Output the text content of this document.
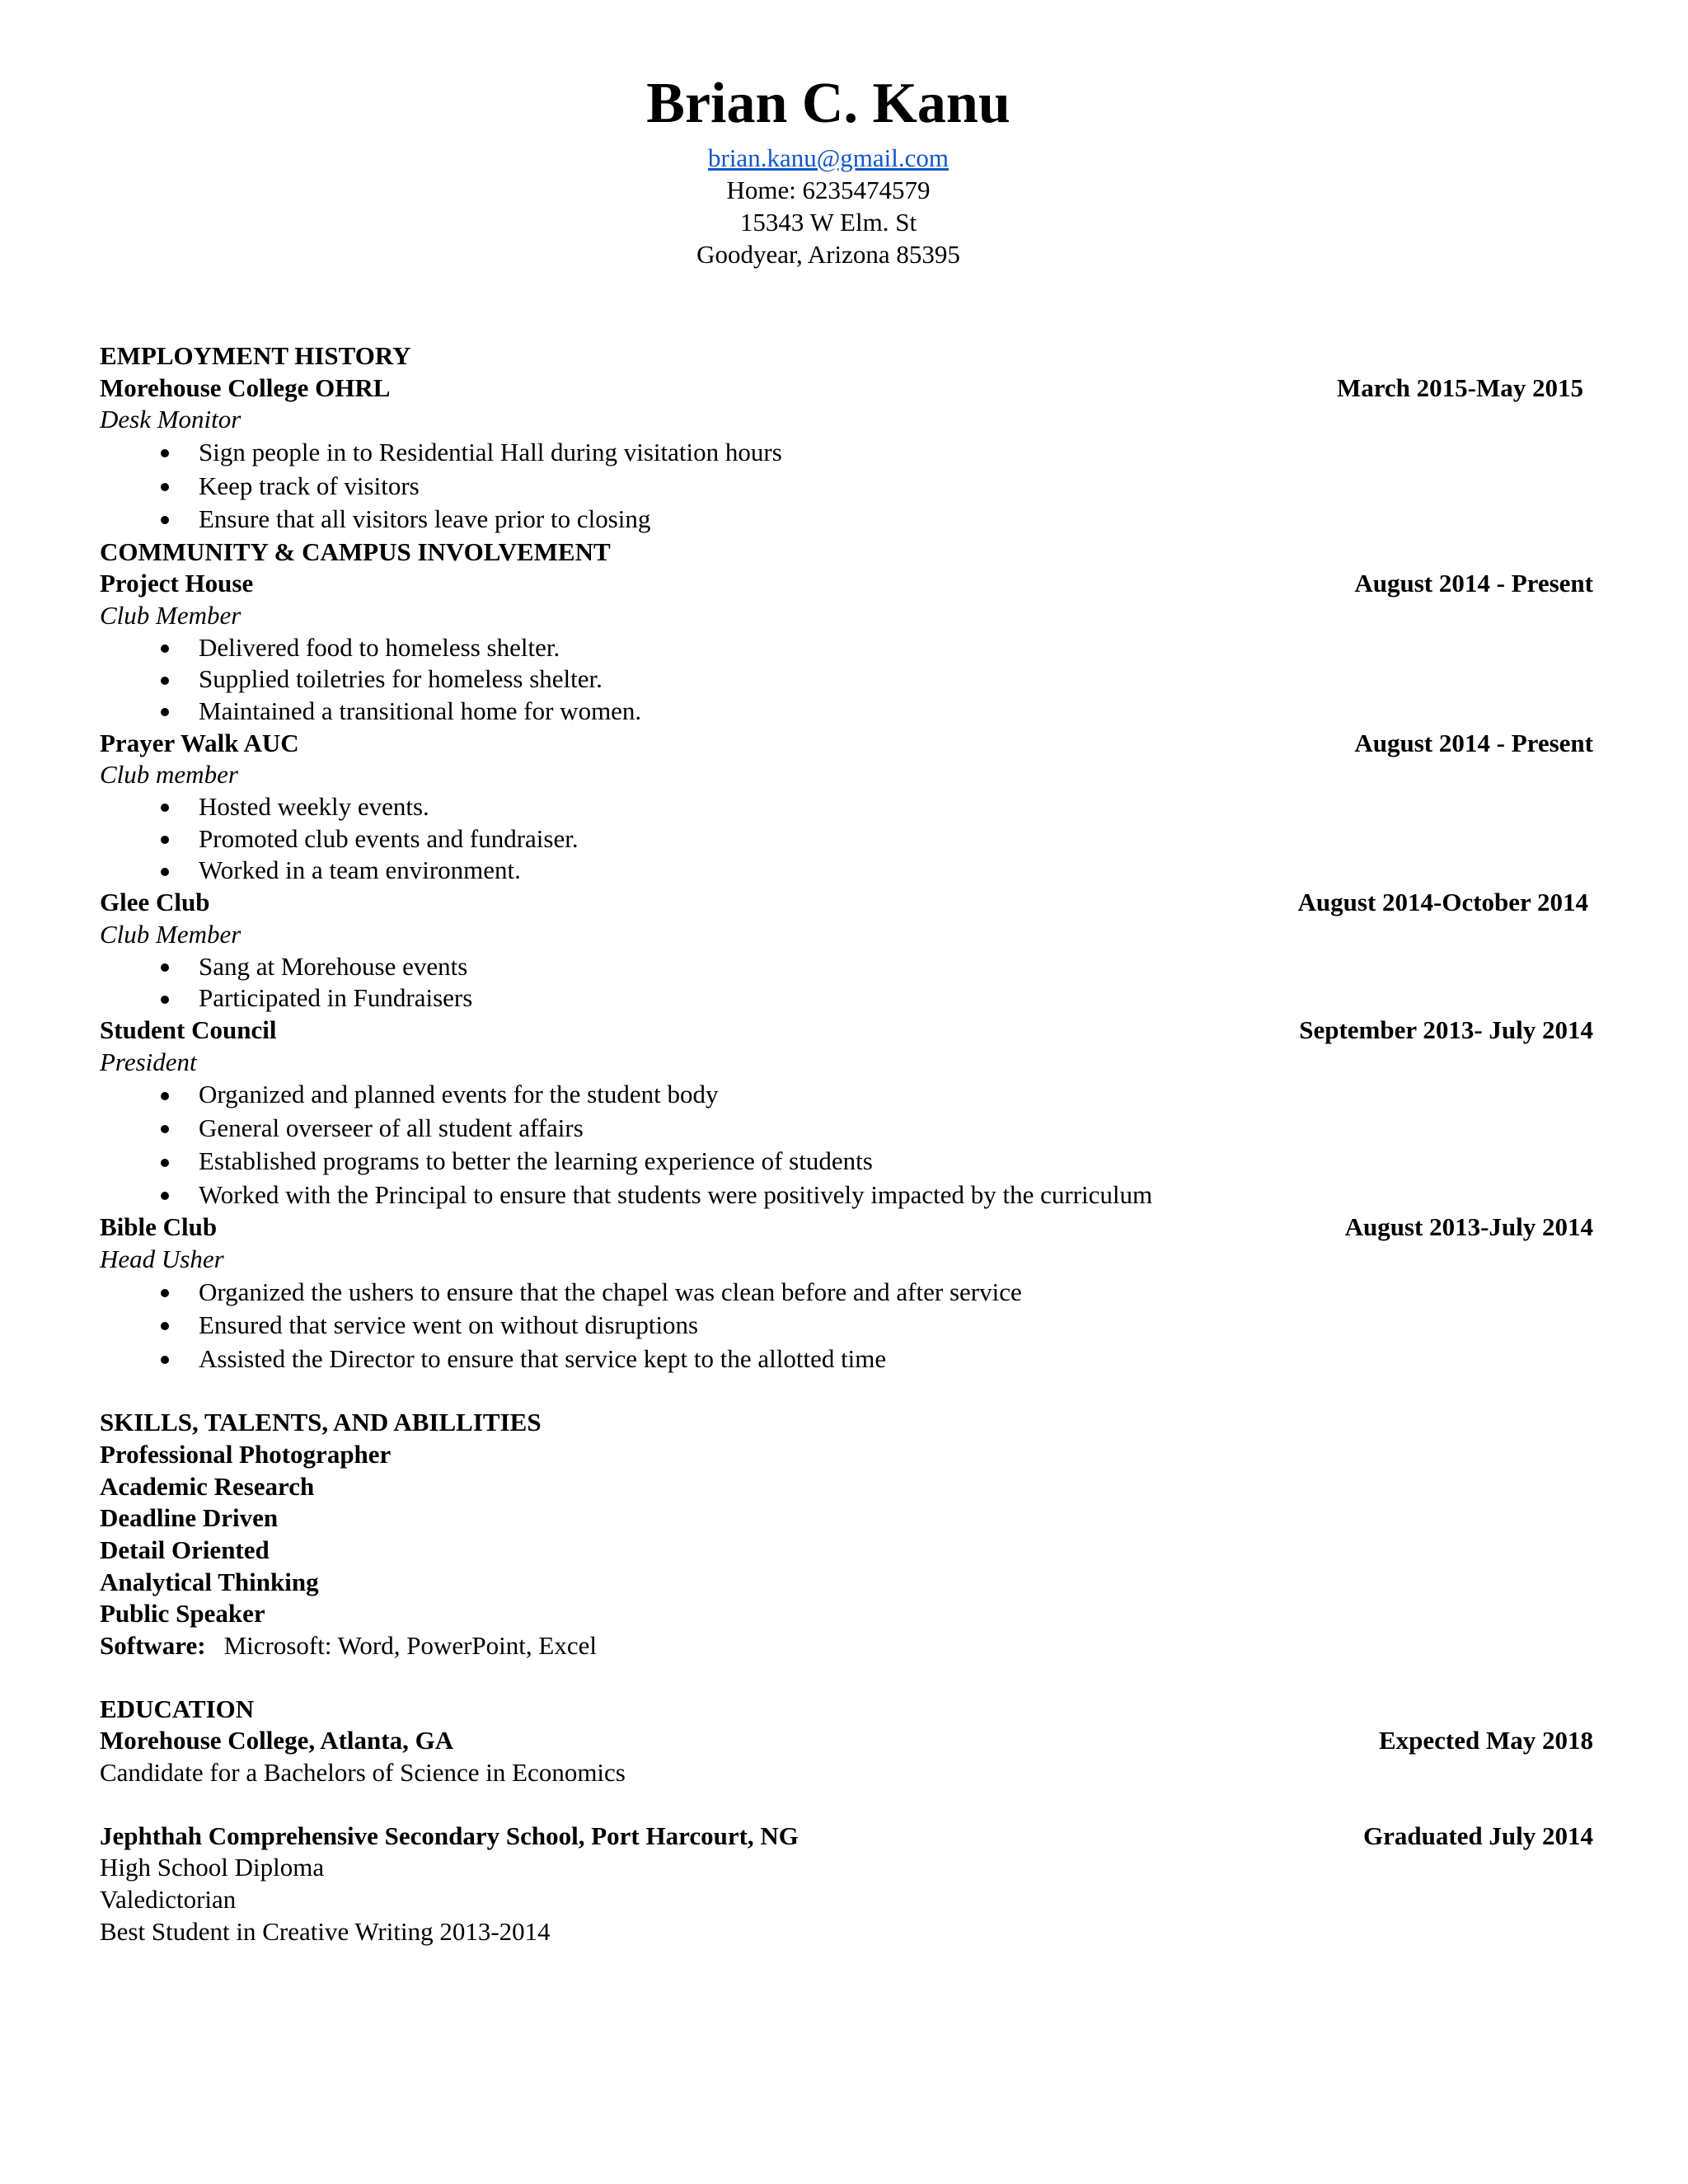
Brian C. Kanu
brian.kanu@gmail.com
Home: 6235474579
15343 W Elm. St
Goodyear, Arizona 85395
EMPLOYMENT HISTORY
Morehouse College OHRL	March 2015-May 2015
Desk Monitor
Sign people in to Residential Hall during visitation hours
Keep track of visitors
Ensure that all visitors leave prior to closing
COMMUNITY & CAMPUS INVOLVEMENT
Project House	August 2014 - Present
Club Member
Delivered food to homeless shelter.
Supplied toiletries for homeless shelter.
Maintained a transitional home for women.
Prayer Walk AUC	August 2014 - Present
Club member
Hosted weekly events.
Promoted club events and fundraiser.
Worked in a team environment.
Glee Club	August 2014-October 2014
Club Member
Sang at Morehouse events
Participated in Fundraisers
Student Council	September 2013- July 2014
President
Organized and planned events for the student body
General overseer of all student affairs
Established programs to better the learning experience of students
Worked with the Principal to ensure that students were positively impacted by the curriculum
Bible Club	August 2013-July 2014
Head Usher
Organized the ushers to ensure that the chapel was clean before and after service
Ensured that service went on without disruptions
Assisted the Director to ensure that service kept to the allotted time
SKILLS, TALENTS, AND ABILLITIES
Professional Photographer
Academic Research
Deadline Driven
Detail Oriented
Analytical Thinking
Public Speaker
Software: Microsoft: Word, PowerPoint, Excel
EDUCATION
Morehouse College, Atlanta, GA	Expected May 2018
Candidate for a Bachelors of Science in Economics
Jephthah Comprehensive Secondary School, Port Harcourt, NG	Graduated July 2014
High School Diploma
Valedictorian
Best Student in Creative Writing 2013-2014
